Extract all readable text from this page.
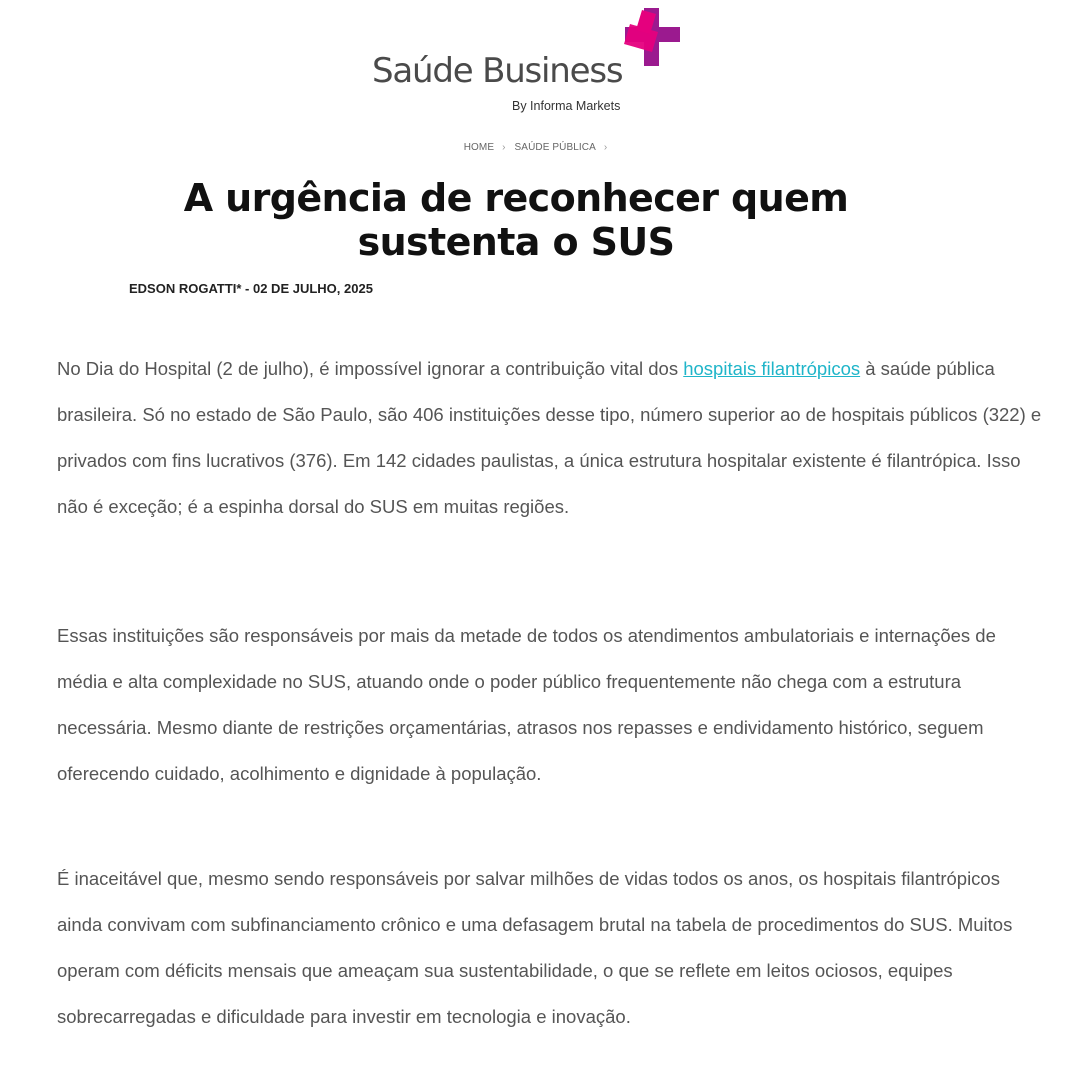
Saúde Business
By Informa Markets
HOME › SAÚDE PÚBLICA ›
A urgência de reconhecer quem sustenta o SUS
EDSON ROGATTI* - 02 DE JULHO, 2025

No Dia do Hospital (2 de julho), é impossível ignorar a contribuição vital dos hospitais filantrópicos à saúde pública brasileira. Só no estado de São Paulo, são 406 instituições desse tipo, número superior ao de hospitais públicos (322) e privados com fins lucrativos (376). Em 142 cidades paulistas, a única estrutura hospitalar existente é filantrópica. Isso não é exceção; é a espinha dorsal do SUS em muitas regiões.

Essas instituições são responsáveis por mais da metade de todos os atendimentos ambulatoriais e internações de média e alta complexidade no SUS, atuando onde o poder público frequentemente não chega com a estrutura necessária. Mesmo diante de restrições orçamentárias, atrasos nos repasses e endividamento histórico, seguem oferecendo cuidado, acolhimento e dignidade à população.

É inaceitável que, mesmo sendo responsáveis por salvar milhões de vidas todos os anos, os hospitais filantrópicos ainda convivam com subfinanciamento crônico e uma defasagem brutal na tabela de procedimentos do SUS. Muitos operam com déficits mensais que ameaçam sua sustentabilidade, o que se reflete em leitos ociosos, equipes sobrecarregadas e dificuldade para investir em tecnologia e inovação.
